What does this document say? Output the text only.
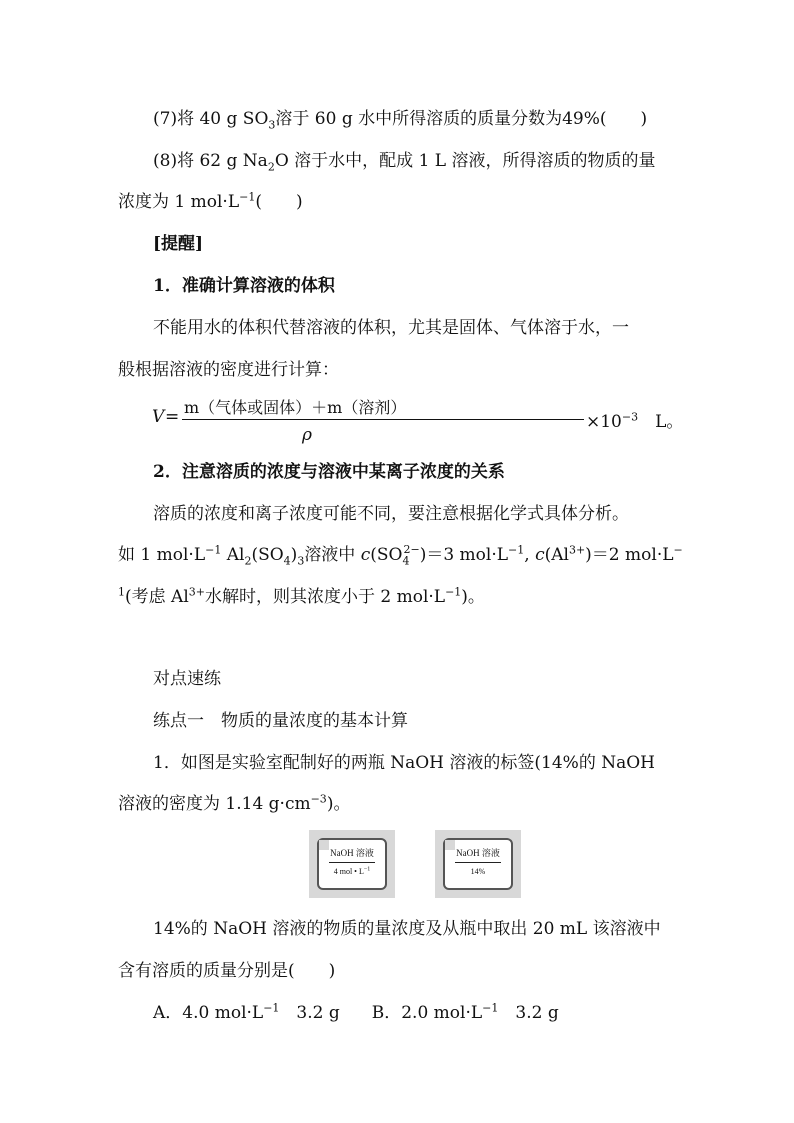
(7)将 40 g $SO_3$溶于 60 g 水中所得溶质的质量分数为49%(　　)
(8)将 62 g $Na_2O$ 溶于水中，配成 1 L 溶液，所得溶质的物质的量
浓度为 1 $mol\cdot L^{-1}$(　　)
[提醒]
1．准确计算溶液的体积
不能用水的体积代替溶液的体积，尤其是固体、气体溶于水，一
般根据溶液的密度进行计算：
V = m（气体或固体）＋m（溶剂）
ρ
$\times 10^{-3}$　L。
2．注意溶质的浓度与溶液中某离子浓度的关系
溶质的浓度和离子浓度可能不同，要注意根据化学式具体分析。
如 1 $mol\cdot L^{-1}$ $Al_2(SO_4)_3$溶液中 $c(SO_4^{2-})=3$ $mol\cdot L^{-1}$, $c(Al^{3+})=2$ mol·L−
$^1$(考虑 $Al^{3+}$水解时，则其浓度小于 2 $mol\cdot L^{-1}$)。
对点速练
练点一　物质的量浓度的基本计算
1．如图是实验室配制好的两瓶 NaOH 溶液的标签(14%的 NaOH
溶液的密度为 1.14 $g\cdot cm^{-3}$)。
NaOH 溶液
4 mol • $L^{-1}$
NaOH 溶液
14%
14%的 NaOH 溶液的物质的量浓度及从瓶中取出 20 mL 该溶液中
含有溶质的质量分别是(　　)
A．4.0 $mol\cdot L^{-1}$　3.2 g B．2.0 $mol\cdot L^{-1}$　3.2 g
